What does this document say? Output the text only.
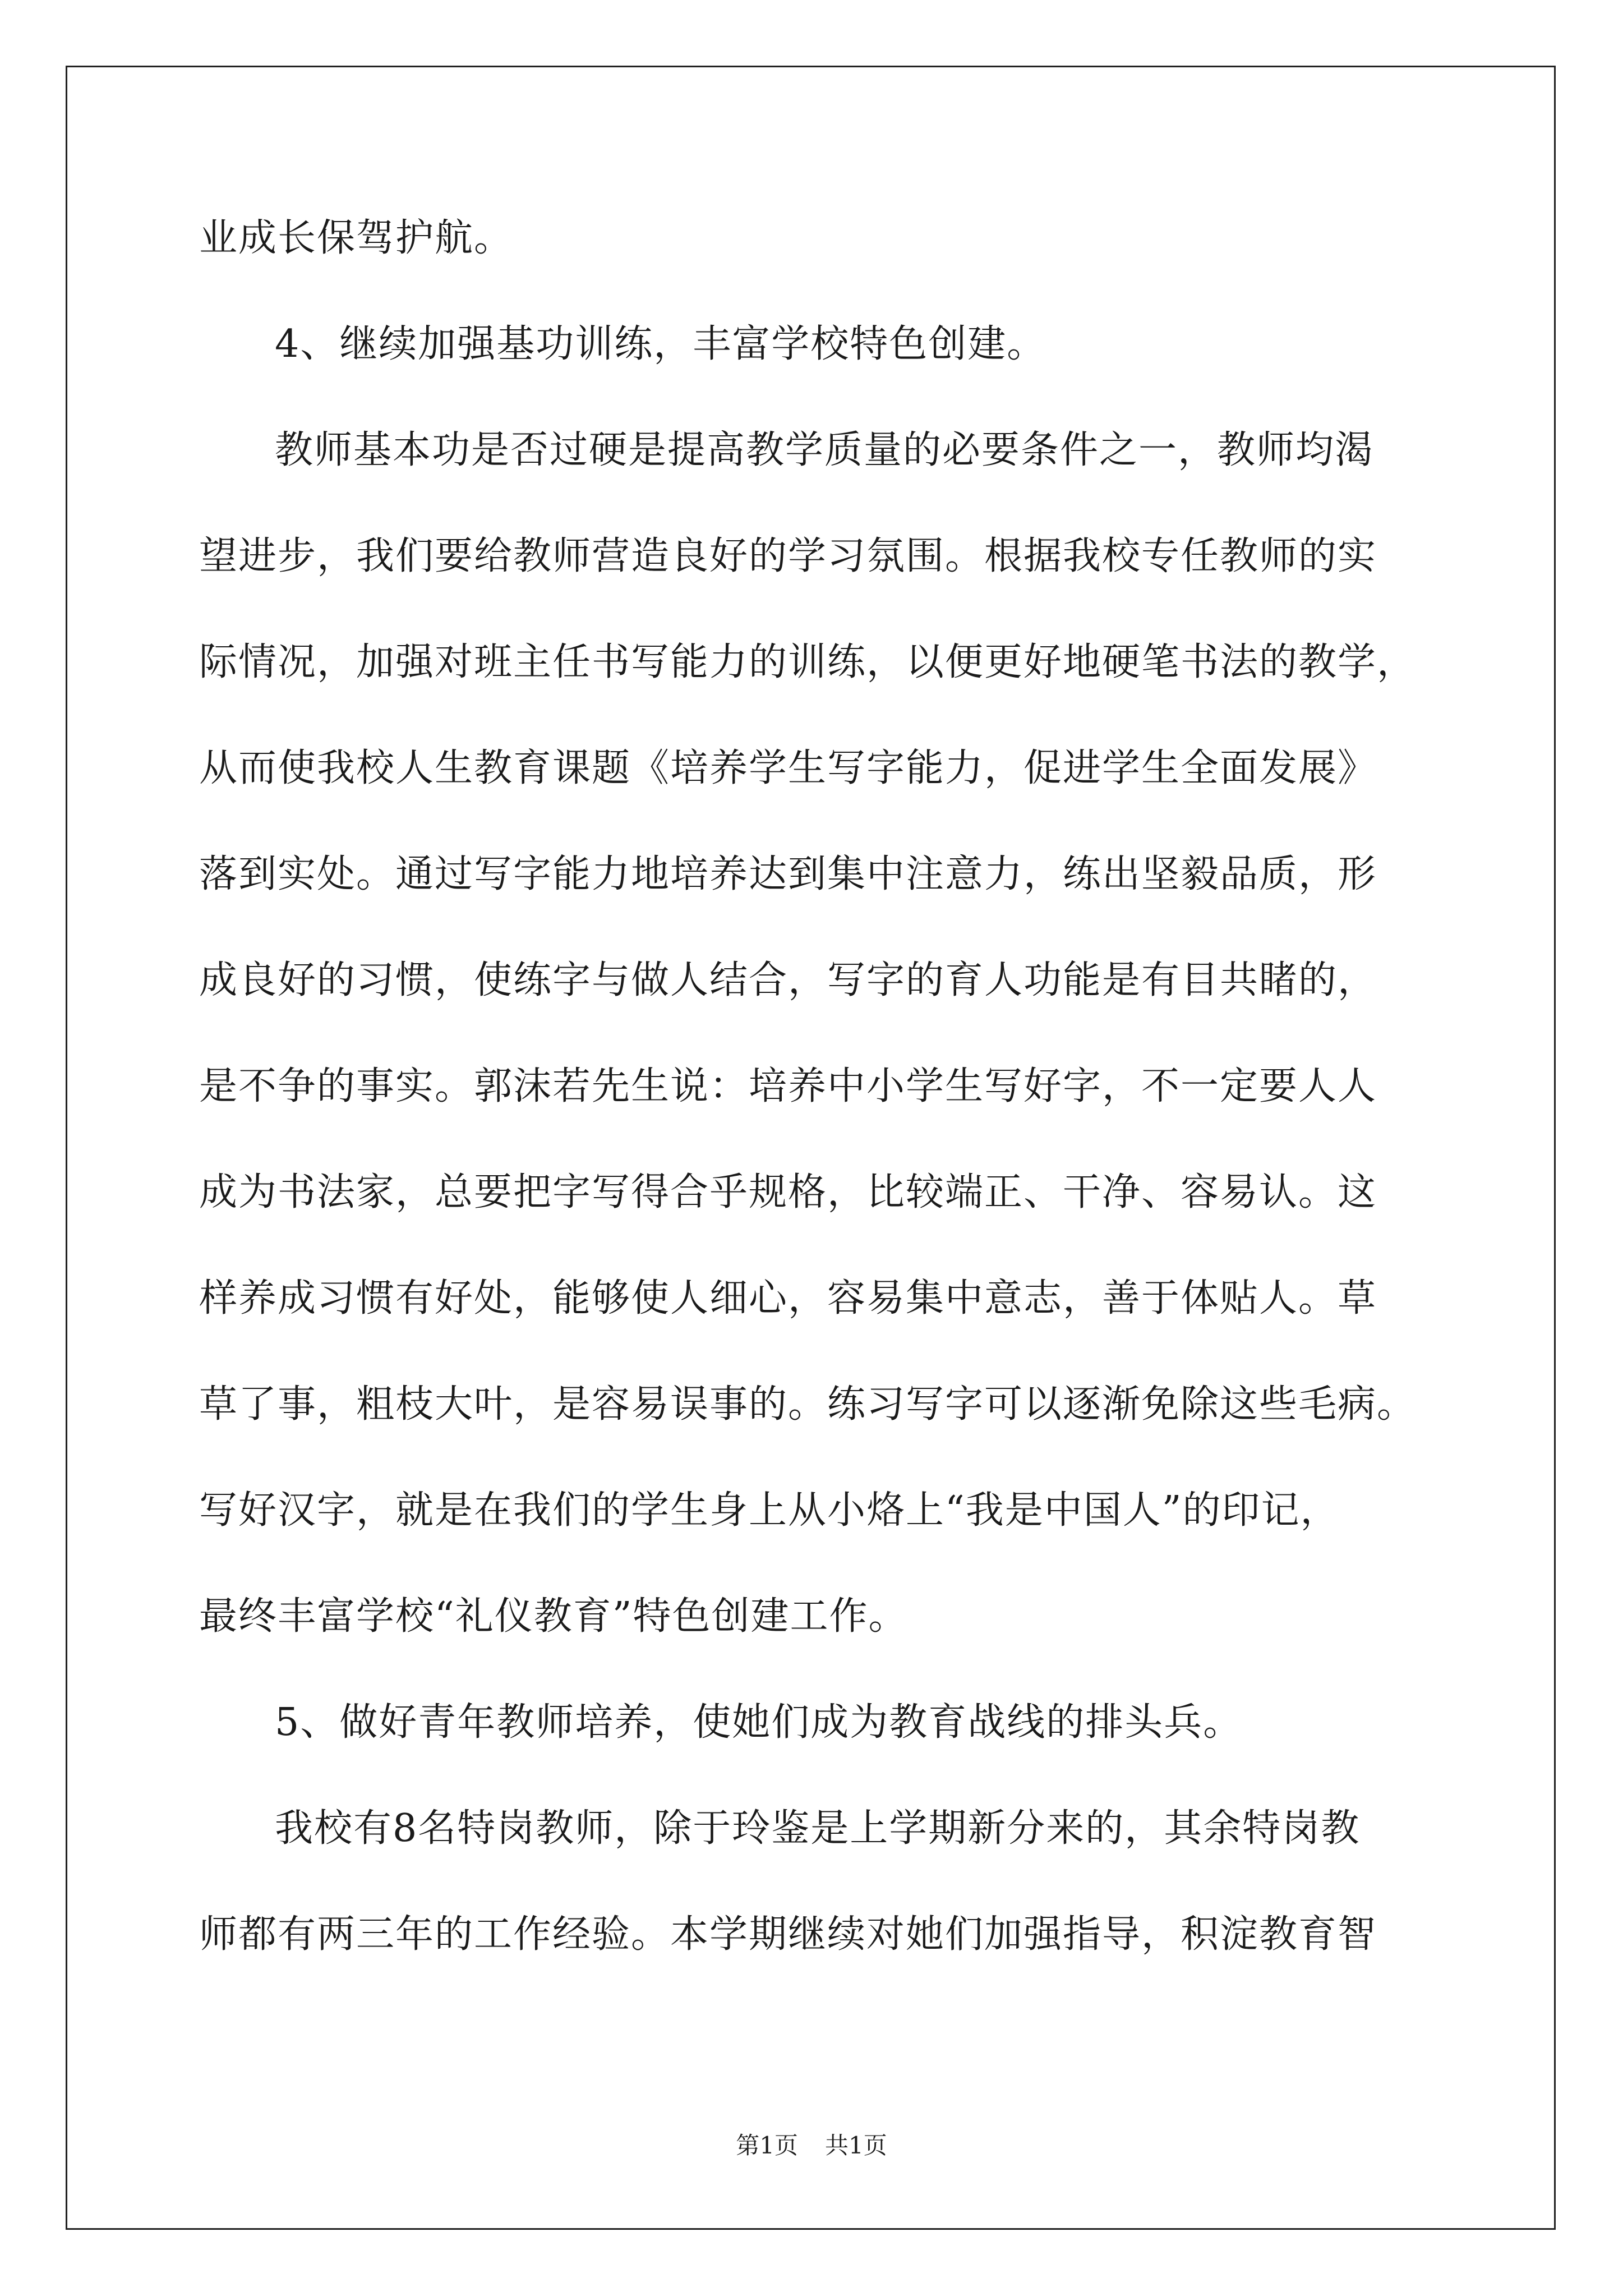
业成长保驾护航。
4、继续加强基功训练，丰富学校特色创建。
教师基本功是否过硬是提高教学质量的必要条件之一，教师均渴
望进步，我们要给教师营造良好的学习氛围。根据我校专任教师的实
际情况，加强对班主任书写能力的训练，以便更好地硬笔书法的教学，
从而使我校人生教育课题《培养学生写字能力，促进学生全面发展》
落到实处。通过写字能力地培养达到集中注意力，练出坚毅品质，形
成良好的习惯，使练字与做人结合，写字的育人功能是有目共睹的，
是不争的事实。郭沫若先生说：培养中小学生写好字，不一定要人人
成为书法家，总要把字写得合乎规格，比较端正、干净、容易认。这
样养成习惯有好处，能够使人细心，容易集中意志，善于体贴人。草
草了事，粗枝大叶，是容易误事的。练习写字可以逐渐免除这些毛病。
写好汉字，就是在我们的学生身上从小烙上“我是中国人”的印记，
最终丰富学校“礼仪教育”特色创建工作。
5、做好青年教师培养，使她们成为教育战线的排头兵。
我校有8名特岗教师，除于玲鉴是上学期新分来的，其余特岗教
师都有两三年的工作经验。本学期继续对她们加强指导，积淀教育智
第1页 共1页
